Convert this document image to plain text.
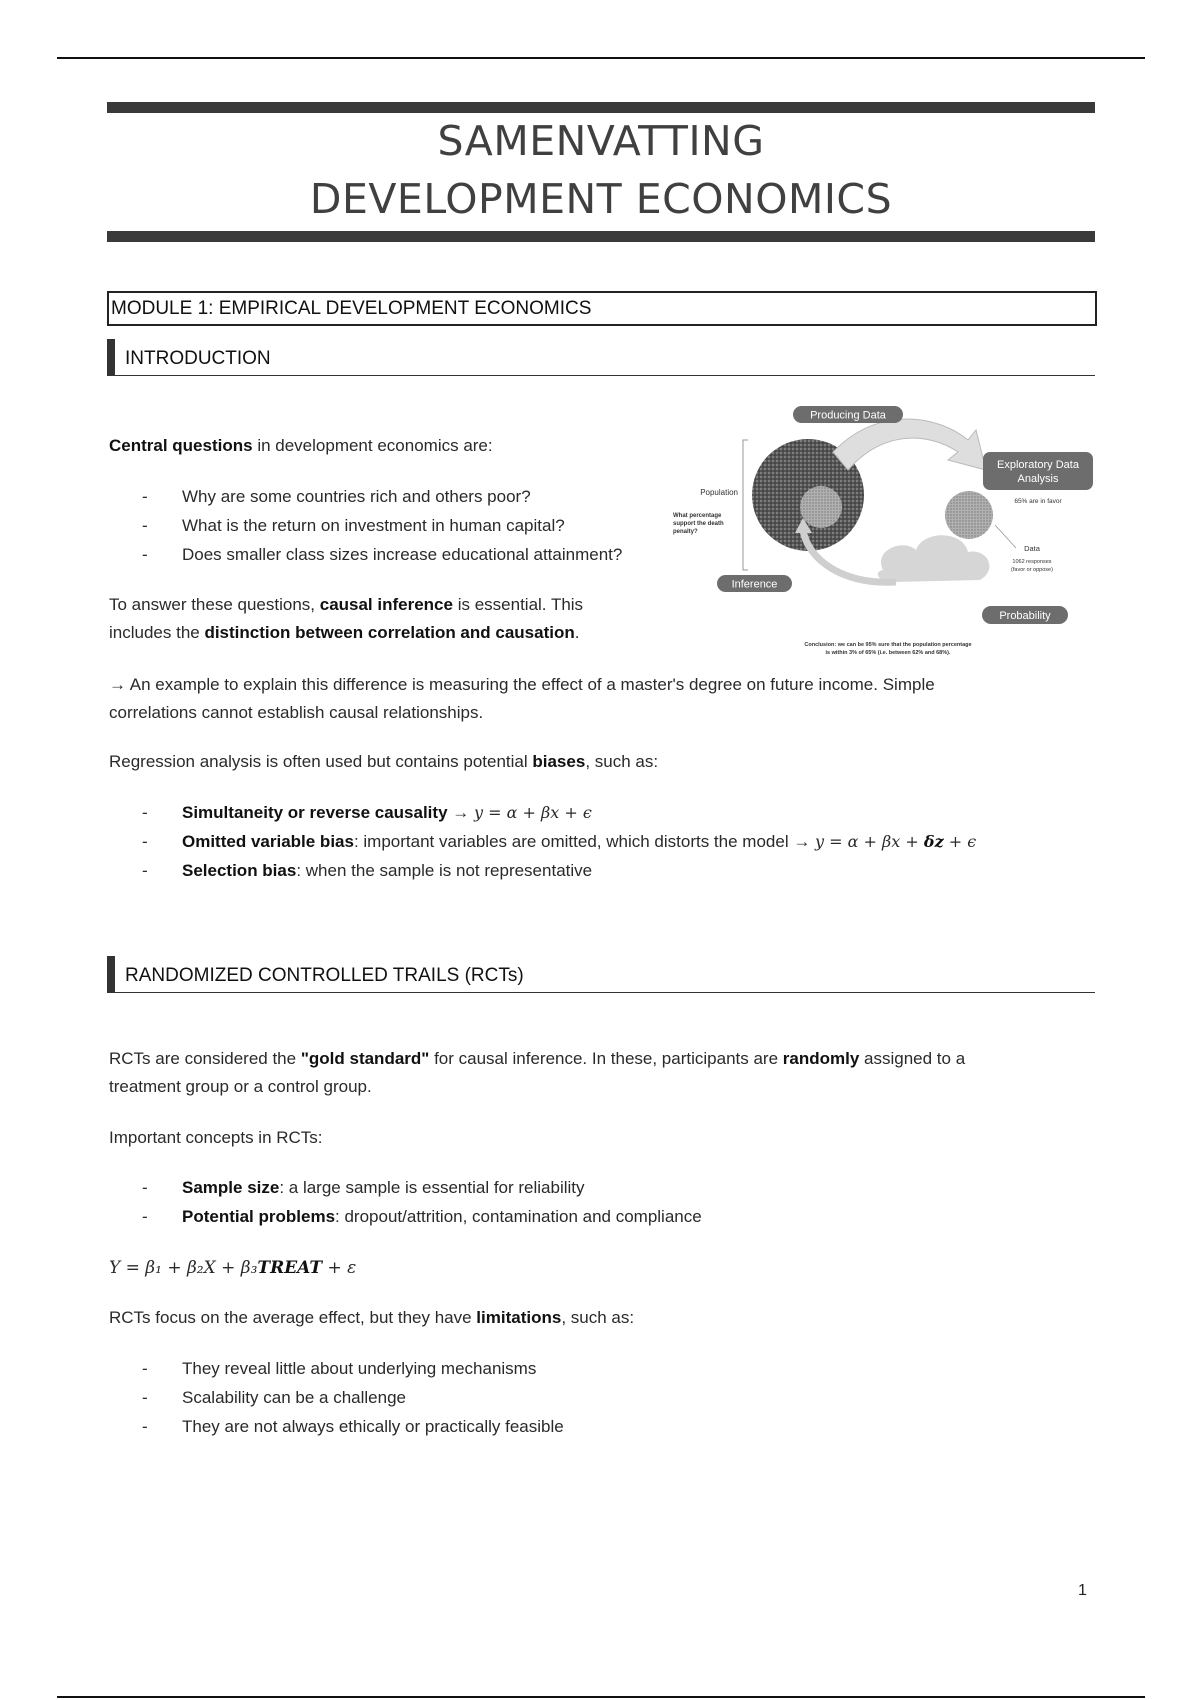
SAMENVATTING
DEVELOPMENT ECONOMICS
MODULE 1: EMPIRICAL DEVELOPMENT ECONOMICS
INTRODUCTION
Central questions in development economics are:
- Why are some countries rich and others poor?
- What is the return on investment in human capital?
- Does smaller class sizes increase educational attainment?
To answer these questions, causal inference is essential. This
includes the distinction between correlation and causation.
Producing Data
Exploratory Data
Analysis
65% are in favor
Population
What percentage
support the death
penalty?
Data
1062 responses
(favor or oppose)
Inference
Probability
Conclusion: we can be 95% sure that the population percentage
is within 3% of 65% (i.e. between 62% and 68%).
→ An example to explain this difference is measuring the effect of a master's degree on future income. Simple
correlations cannot establish causal relationships.
Regression analysis is often used but contains potential biases, such as:
- Simultaneity or reverse causality → y = α + βx + ϵ
- Omitted variable bias: important variables are omitted, which distorts the model → y = α + βx + δz + ϵ
- Selection bias: when the sample is not representative
RANDOMIZED CONTROLLED TRAILS (RCTs)
RCTs are considered the "gold standard" for causal inference. In these, participants are randomly assigned to a
treatment group or a control group.
Important concepts in RCTs:
- Sample size: a large sample is essential for reliability
- Potential problems: dropout/attrition, contamination and compliance
Y = β₁ + β₂X + β₃TREAT + ε
RCTs focus on the average effect, but they have limitations, such as:
- They reveal little about underlying mechanisms
- Scalability can be a challenge
- They are not always ethically or practically feasible
1
